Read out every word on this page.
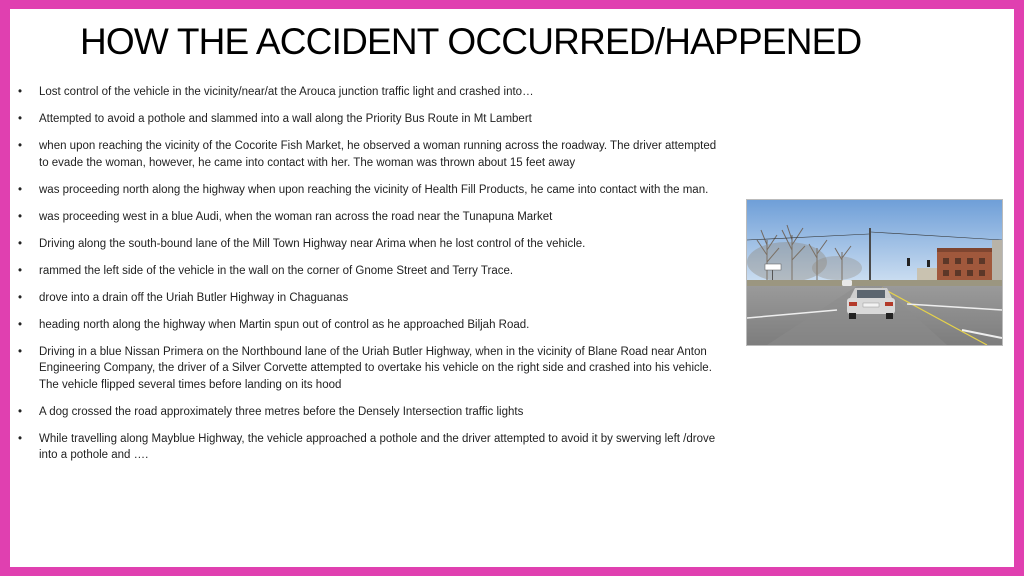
HOW THE ACCIDENT OCCURRED/HAPPENED
• Lost control of the vehicle in the vicinity/near/at the Arouca junction traffic light and crashed into…
• Attempted to avoid a pothole and slammed into a wall along the Priority Bus Route in Mt Lambert
• when upon reaching the vicinity of the Cocorite Fish Market, he observed a woman running across the roadway. The driver attempted to evade the woman, however, he came into contact with her. The woman was thrown about 15 feet away
• was proceeding north along the highway when upon reaching the vicinity of Health Fill Products, he came into contact with the man.
• was proceeding west in a blue Audi, when the woman ran across the road near the Tunapuna Market
• Driving along the south-bound lane of the Mill Town Highway near Arima when he lost control of the vehicle.
• rammed the left side of the vehicle in the wall on the corner of Gnome Street and Terry Trace.
• drove into a drain off the Uriah Butler Highway in Chaguanas
• heading north along the highway when Martin spun out of control as he approached Biljah Road.
• Driving in a blue Nissan Primera on the Northbound lane of the Uriah Butler Highway, when in the vicinity of Blane Road near Anton Engineering Company, the driver of a Silver Corvette attempted to overtake his vehicle on the right side and crashed into his vehicle. The vehicle flipped several times before landing on its hood
• A dog crossed the road approximately three metres before the Densely Intersection traffic lights
• While travelling along Mayblue Highway, the vehicle approached a pothole and the driver attempted to avoid it by swerving left /drove into a pothole and ….
